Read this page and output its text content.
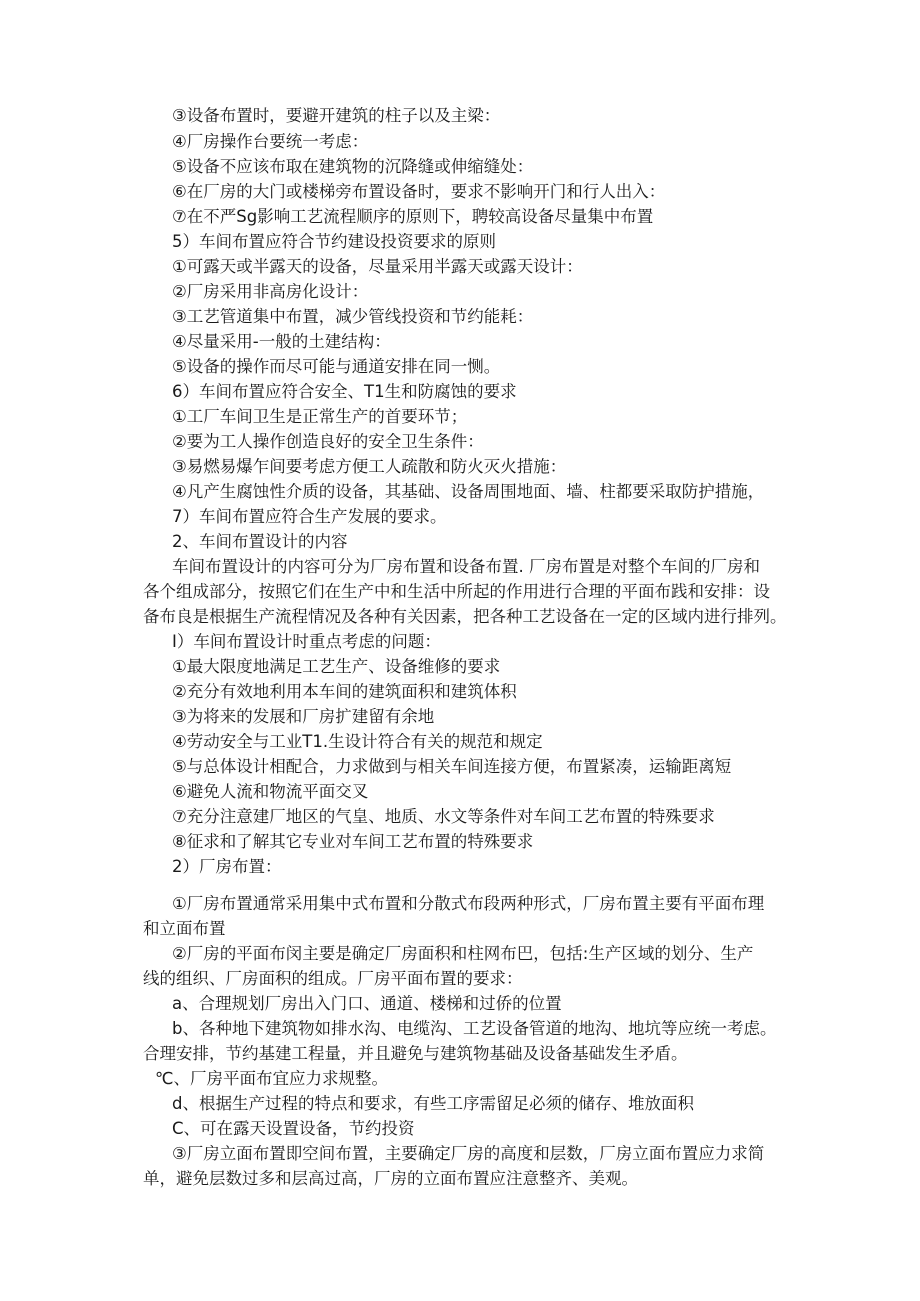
③设备布置时，要避开建筑的柱子以及主梁：
④厂房操作台要统一考虑：
⑤设备不应该布取在建筑物的沉降缝或伸缩缝处：
⑥在厂房的大门或楼梯旁布置设备时，要求不影响开门和行人出入：
⑦在不严Sg影响工艺流程顺序的原则下，聘较高设备尽量集中布置
5）车间布置应符合节约建设投资要求的原则
①可露天或半露天的设备，尽量采用半露天或露天设计：
②厂房采用非高房化设计：
③工艺管道集中布置，减少管线投资和节约能耗：
④尽量采用-一般的土建结构：
⑤设备的操作而尽可能与通道安排在同一恻。
6）车间布置应符合安全、T1生和防腐蚀的要求
①工厂车间卫生是正常生产的首要环节；
②要为工人操作创造良好的安全卫生条件：
③易燃易爆乍间要考虑方便工人疏散和防火灭火措施：
④凡产生腐蚀性介质的设备，其基础、设备周围地面、墙、柱都要采取防护措施，
7）车间布置应符合生产发展的要求。
2、车间布置设计的内容
车间布置设计的内容可分为厂房布置和设备布置. 厂房布置是对整个车间的厂房和
各个组成部分，按照它们在生产中和生活中所起的作用进行合理的平面布践和安排：设
备布良是根据生产流程情况及各种有关因素，把各种工艺设备在一定的区域内进行排列。
I）车间布置设计时重点考虑的问题：
①最大限度地满足工艺生产、设备维修的要求
②充分有效地利用本车间的建筑面积和建筑体积
③为将来的发展和厂房扩建留有余地
④劳动安全与工业T1.生设计符合有关的规范和规定
⑤与总体设计相配合，力求做到与相关车间连接方便，布置紧凑，运输距离短
⑥避免人流和物流平面交叉
⑦充分注意建厂地区的气皇、地质、水文等条件对车间工艺布置的特殊要求
⑧征求和了解其它专业对车间工艺布置的特殊要求
2）厂房布置：
①厂房布置通常采用集中式布置和分散式布段两种形式，厂房布置主要有平面布理
和立面布置
②厂房的平面布闵主要是确定厂房面积和柱网布巴，包括:生产区域的划分、生产
线的组织、厂房面积的组成。厂房平面布置的要求：
a、合理规划厂房出入门口、通道、楼梯和过侨的位置
b、各种地下建筑物如排水沟、电缆沟、工艺设备管道的地沟、地坑等应统一考虑。
合理安排，节约基建工程量，并且避免与建筑物基础及设备基础发生矛盾。
℃、厂房平面布宜应力求规整。
d、根据生产过程的特点和要求，有些工序需留足必须的储存、堆放面积
C、可在露天设置设备，节约投资
③厂房立面布置即空间布置，主要确定厂房的高度和层数，厂房立面布置应力求简
单，避免层数过多和层高过高，厂房的立面布置应注意整齐、美观。
